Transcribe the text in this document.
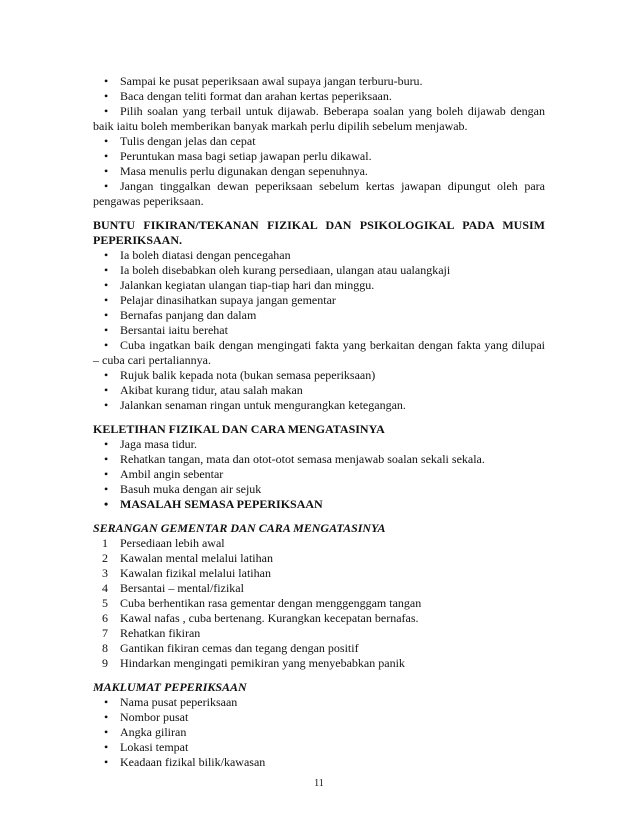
• Sampai ke pusat peperiksaan awal supaya jangan terburu-buru.
• Baca dengan teliti format dan arahan kertas peperiksaan.
• Pilih soalan yang terbail untuk dijawab. Beberapa soalan yang boleh dijawab dengan baik iaitu boleh memberikan banyak markah perlu dipilih sebelum menjawab.
• Tulis dengan jelas dan cepat
• Peruntukan masa bagi setiap jawapan perlu dikawal.
• Masa menulis perlu digunakan dengan sepenuhnya.
• Jangan tinggalkan dewan peperiksaan sebelum kertas jawapan dipungut oleh para pengawas peperiksaan.

BUNTU FIKIRAN/TEKANAN FIZIKAL DAN PSIKOLOGIKAL PADA MUSIM PEPERIKSAAN.

• Ia boleh diatasi dengan pencegahan
• Ia boleh disebabkan oleh kurang persediaan, ulangan atau ualangkaji
• Jalankan kegiatan ulangan tiap-tiap hari dan minggu.
• Pelajar dinasihatkan supaya jangan gementar
• Bernafas panjang dan dalam
• Bersantai iaitu berehat
• Cuba ingatkan baik dengan mengingati fakta yang berkaitan dengan fakta yang dilupai – cuba cari pertaliannya.
• Rujuk balik kepada nota (bukan semasa peperiksaan)
• Akibat kurang tidur, atau salah makan
• Jalankan senaman ringan untuk mengurangkan ketegangan.

KELETIHAN FIZIKAL DAN CARA MENGATASINYA

• Jaga masa tidur.
• Rehatkan tangan, mata dan otot-otot semasa menjawab soalan sekali sekala.
• Ambil angin sebentar
• Basuh muka dengan air sejuk
• MASALAH SEMASA PEPERIKSAAN

SERANGAN GEMENTAR DAN CARA MENGATASINYA

1 Persediaan lebih awal
2 Kawalan mental melalui latihan
3 Kawalan fizikal melalui latihan
4 Bersantai – mental/fizikal
5 Cuba berhentikan rasa gementar dengan menggenggam tangan
6 Kawal nafas , cuba bertenang. Kurangkan kecepatan bernafas.
7 Rehatkan fikiran
8 Gantikan fikiran cemas dan tegang dengan positif
9 Hindarkan mengingati pemikiran yang menyebabkan panik

MAKLUMAT PEPERIKSAAN

• Nama pusat peperiksaan
• Nombor pusat
• Angka giliran
• Lokasi tempat
• Keadaan fizikal bilik/kawasan
11
